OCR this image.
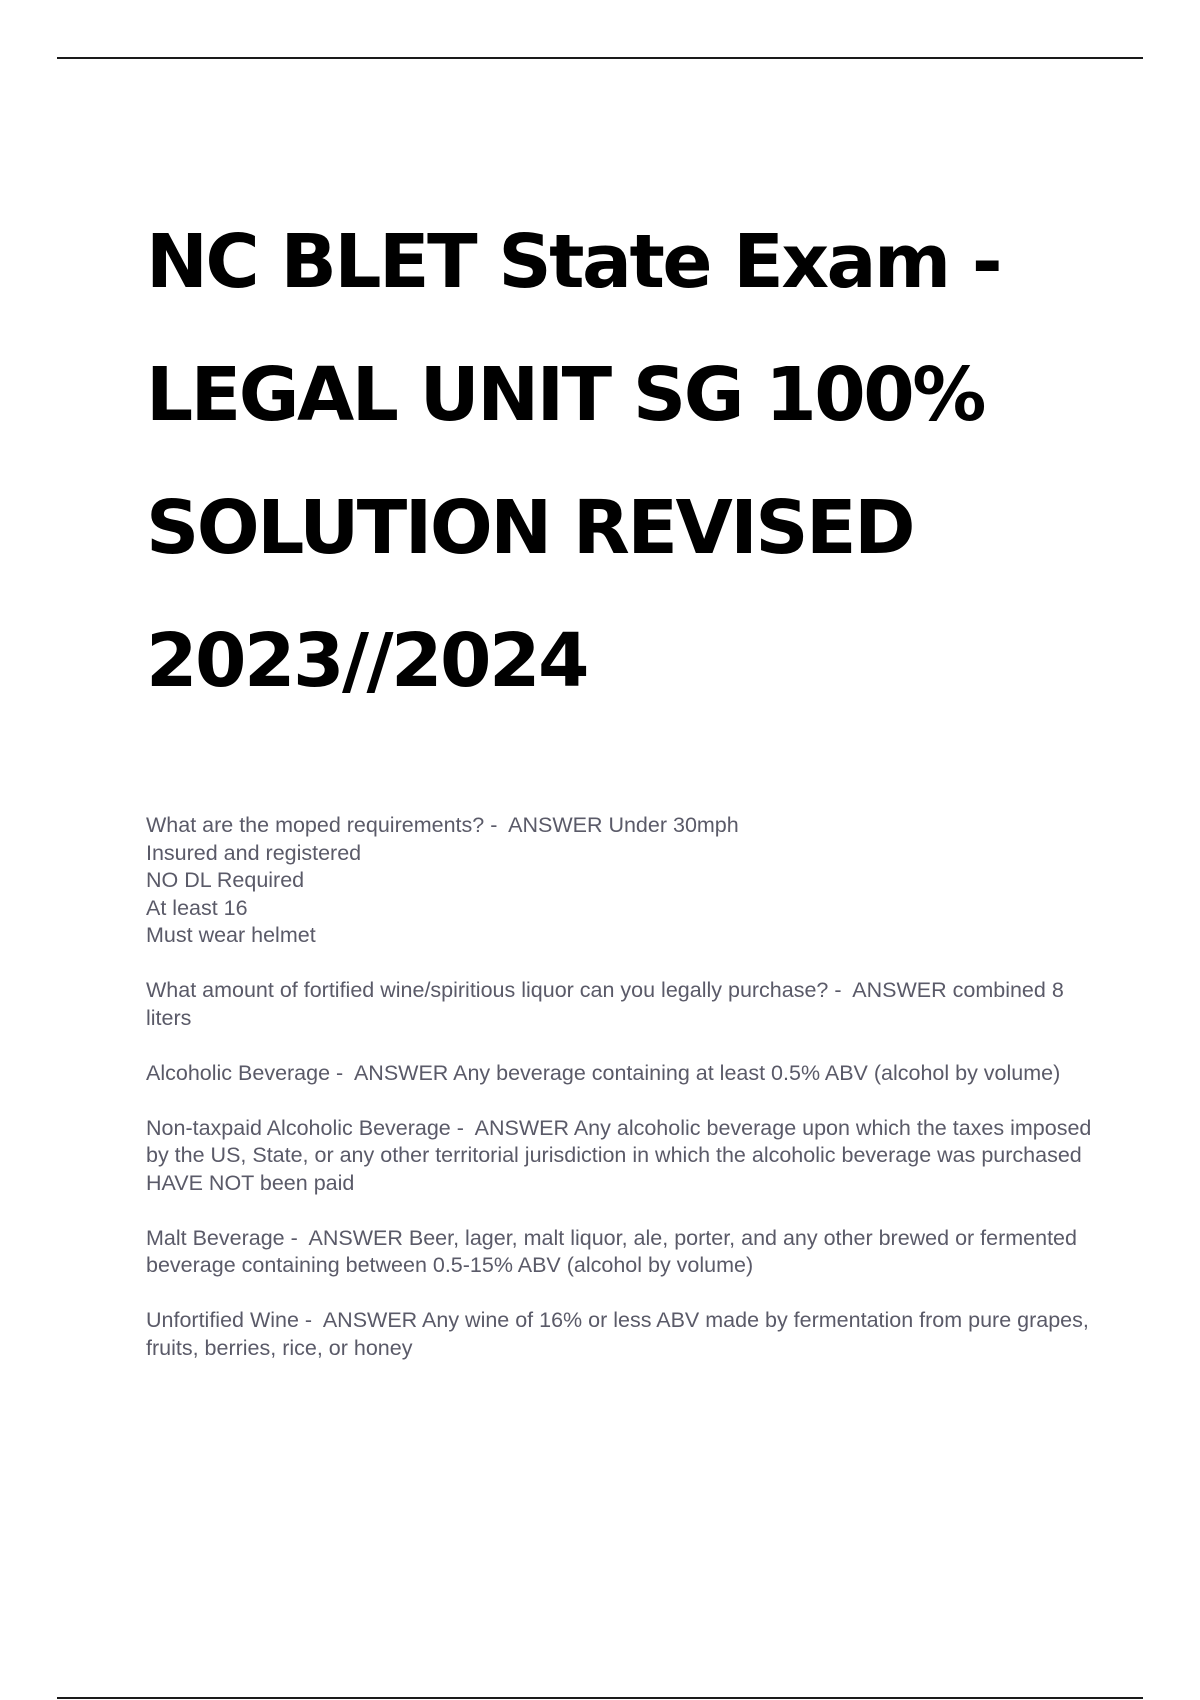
NC BLET State Exam -
LEGAL UNIT SG 100%
SOLUTION REVISED
2023//2024
What are the moped requirements? -  ANSWER Under 30mph
Insured and registered
NO DL Required
At least 16
Must wear helmet
What amount of fortified wine/spiritious liquor can you legally purchase? -  ANSWER combined 8 liters
Alcoholic Beverage -  ANSWER Any beverage containing at least 0.5% ABV (alcohol by volume)
Non-taxpaid Alcoholic Beverage -  ANSWER Any alcoholic beverage upon which the taxes imposed by the US, State, or any other territorial jurisdiction in which the alcoholic beverage was purchased HAVE NOT been paid
Malt Beverage -  ANSWER Beer, lager, malt liquor, ale, porter, and any other brewed or fermented beverage containing between 0.5-15% ABV (alcohol by volume)
Unfortified Wine -  ANSWER Any wine of 16% or less ABV made by fermentation from pure grapes, fruits, berries, rice, or honey
